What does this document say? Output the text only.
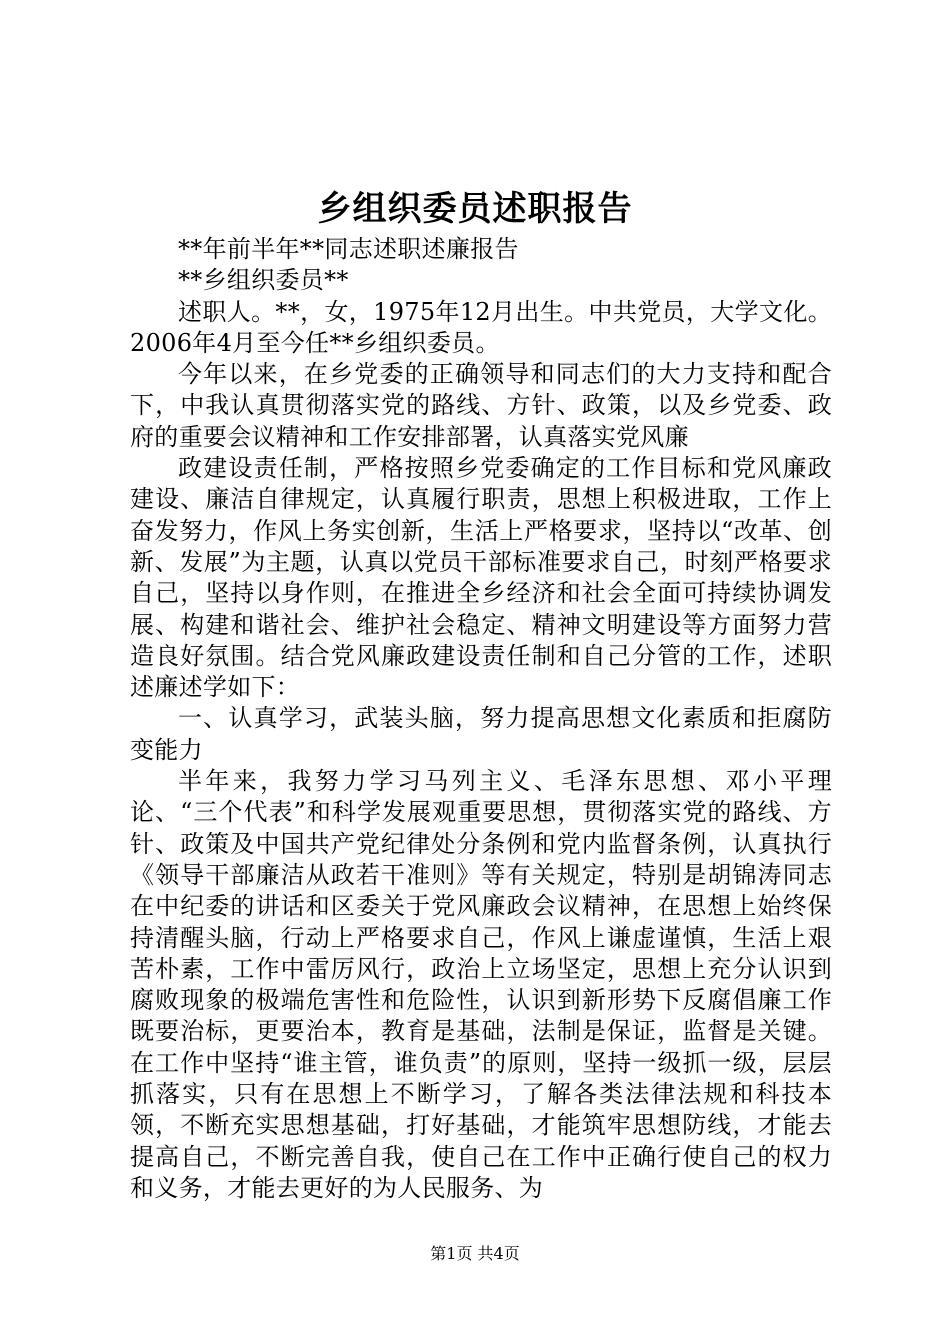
乡组织委员述职报告

**年前半年**同志述职述廉报告

**乡组织委员**

述职人。**，女，1975年12月出生。中共党员，大学文化。2006年4月至今任**乡组织委员。

今年以来，在乡党委的正确领导和同志们的大力支持和配合下，中我认真贯彻落实党的路线、方针、政策，以及乡党委、政府的重要会议精神和工作安排部署，认真落实党风廉

政建设责任制，严格按照乡党委确定的工作目标和党风廉政建设、廉洁自律规定，认真履行职责，思想上积极进取，工作上奋发努力，作风上务实创新，生活上严格要求，坚持以“改革、创新、发展”为主题，认真以党员干部标准要求自己，时刻严格要求自己，坚持以身作则，在推进全乡经济和社会全面可持续协调发展、构建和谐社会、维护社会稳定、精神文明建设等方面努力营造良好氛围。结合党风廉政建设责任制和自己分管的工作，述职述廉述学如下：

一、认真学习，武装头脑，努力提高思想文化素质和拒腐防变能力

半年来，我努力学习马列主义、毛泽东思想、邓小平理论、“三个代表”和科学发展观重要思想，贯彻落实党的路线、方针、政策及中国共产党纪律处分条例和党内监督条例，认真执行《领导干部廉洁从政若干准则》等有关规定，特别是胡锦涛同志在中纪委的讲话和区委关于党风廉政会议精神，在思想上始终保持清醒头脑，行动上严格要求自己，作风上谦虚谨慎，生活上艰苦朴素，工作中雷厉风行，政治上立场坚定，思想上充分认识到腐败现象的极端危害性和危险性，认识到新形势下反腐倡廉工作既要治标，更要治本，教育是基础，法制是保证，监督是关键。在工作中坚持“谁主管，谁负责”的原则，坚持一级抓一级，层层抓落实，只有在思想上不断学习，了解各类法律法规和科技本领，不断充实思想基础，打好基础，才能筑牢思想防线，才能去提高自己，不断完善自我，使自己在工作中正确行使自己的权力和义务，才能去更好的为人民服务、为

第1页 共4页
